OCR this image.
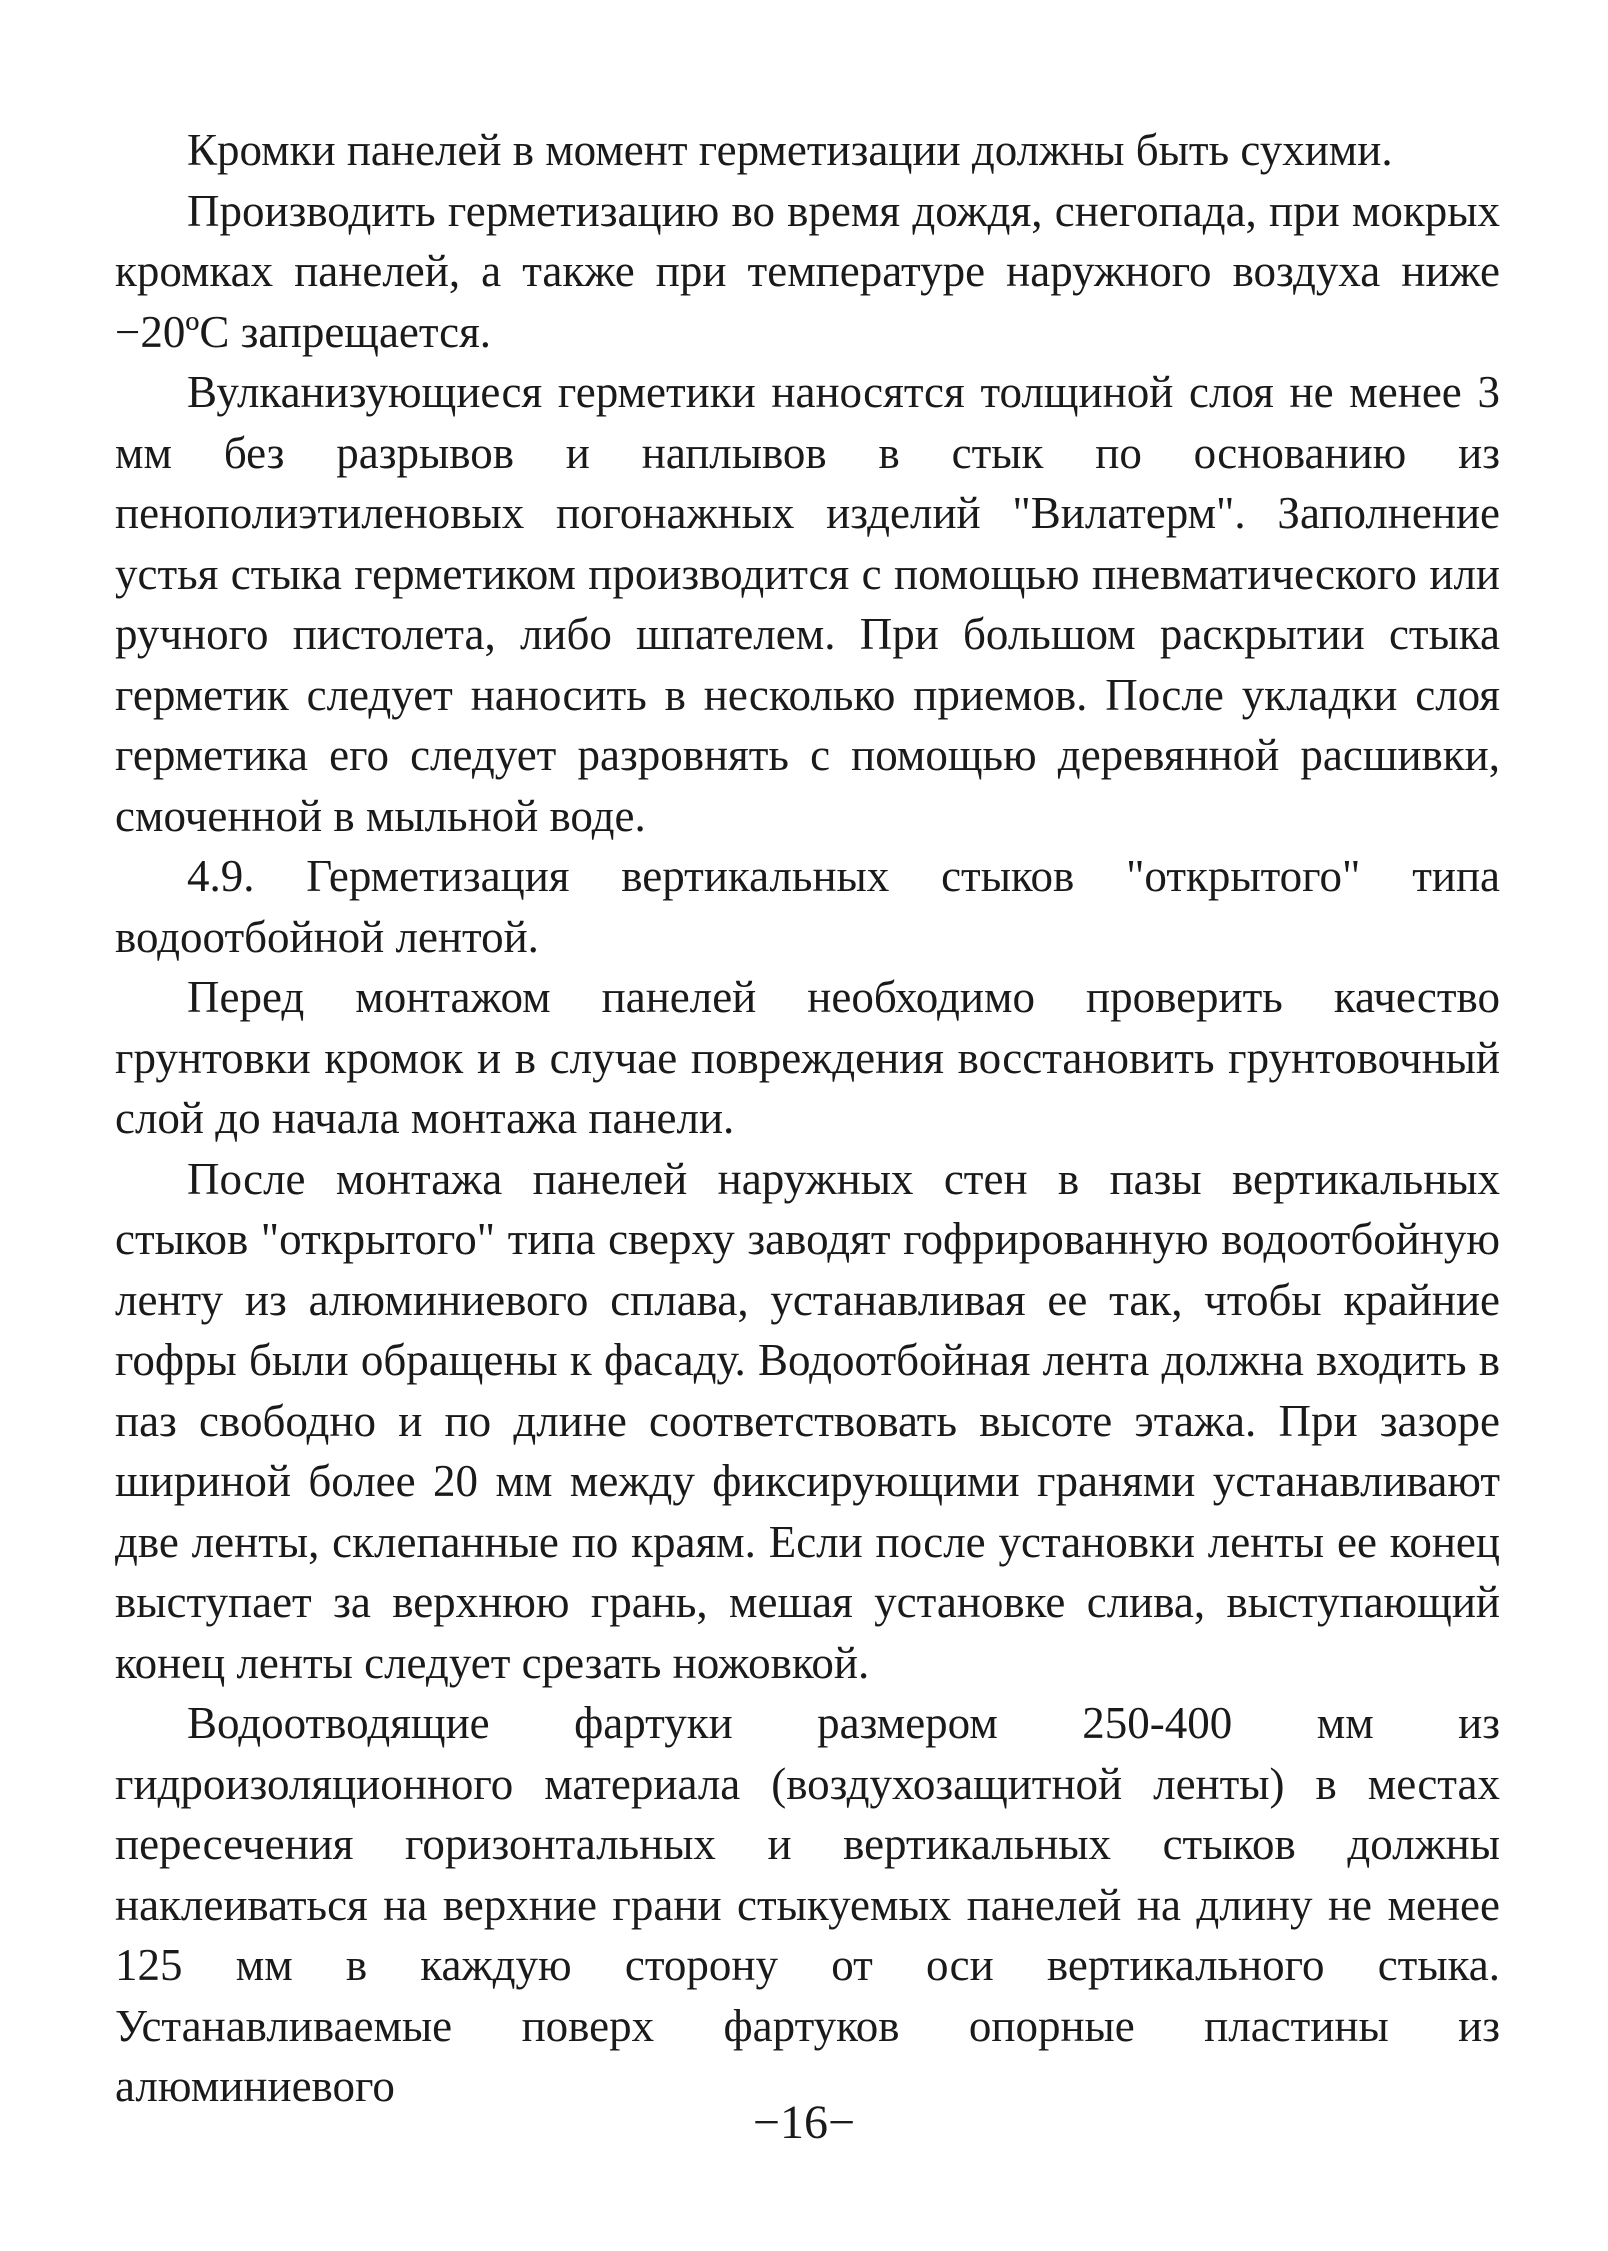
Кромки панелей в момент герметизации должны быть сухими.

Производить герметизацию во время дождя, снегопада, при мокрых кромках панелей, а также при температуре наружного воздуха ниже −20ºС запрещается.

Вулканизующиеся герметики наносятся толщиной слоя не менее 3 мм без разрывов и наплывов в стык по основанию из пенополиэтиленовых погонажных изделий "Вилатерм". Заполнение устья стыка герметиком производится с помощью пневматического или ручного пистолета, либо шпателем. При большом раскрытии стыка герметик следует наносить в несколько приемов. После укладки слоя герметика его следует разровнять с помощью деревянной расшивки, смоченной в мыльной воде.

4.9. Герметизация вертикальных стыков "открытого" типа водоотбойной лентой.

Перед монтажом панелей необходимо проверить качество грунтовки кромок и в случае повреждения восстановить грунтовочный слой до начала монтажа панели.

После монтажа панелей наружных стен в пазы вертикальных стыков "открытого" типа сверху заводят гофрированную водоотбойную ленту из алюминиевого сплава, устанавливая ее так, чтобы крайние гофры были обращены к фасаду. Водоотбойная лента должна входить в паз свободно и по длине соответствовать высоте этажа. При зазоре шириной более 20 мм между фиксирующими гранями устанавливают две ленты, склепанные по краям. Если после установки ленты ее конец выступает за верхнюю грань, мешая установке слива, выступающий конец ленты следует срезать ножовкой.

Водоотводящие фартуки размером 250-400 мм из гидроизоляционного материала (воздухозащитной ленты) в местах пересечения горизонтальных и вертикальных стыков должны наклеиваться на верхние грани стыкуемых панелей на длину не менее 125 мм в каждую сторону от оси вертикального стыка. Устанавливаемые поверх фартуков опорные пластины из алюминиевого

−16−
